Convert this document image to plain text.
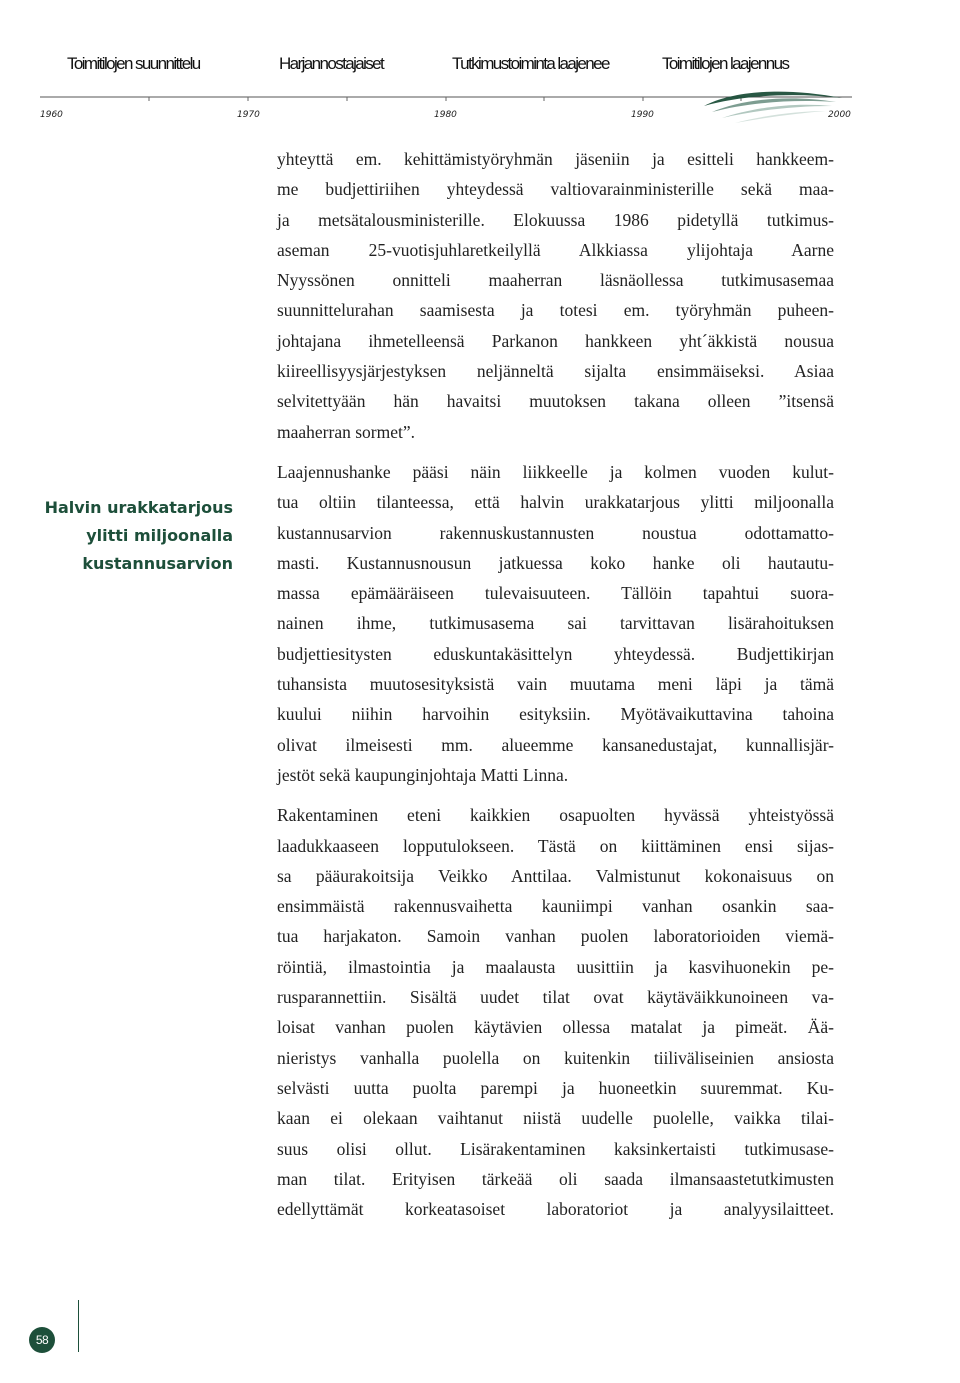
Toimitilojen suunnittelu	Harjannostajaiset	Tutkimustoiminta laajenee	Toimitilojen laajennus
1960	1970	1980	1990	2000
Halvin urakkatarjous
ylitti miljoonalla
kustannusarvion

yhteyttä em. kehittämistyöryhmän jäseniin ja esitteli hankkeem-
me budjettiriihen yhteydessä valtiovarainministerille sekä maa-
ja metsätalousministerille. Elokuussa 1986 pidetyllä tutkimus-
aseman 25-vuotisjuhlaretkeilyllä Alkkiassa ylijohtaja Aarne
Nyyssönen onnitteli maaherran läsnäollessa tutkimusasemaa
suunnittelurahan saamisesta ja totesi em. työryhmän puheen-
johtajana ihmetelleensä Parkanon hankkeen yht´äkkistä nousua
kiireellisyysjärjestyksen neljänneltä sijalta ensimmäiseksi. Asiaa
selvitettyään hän havaitsi muutoksen takana olleen ”itsensä
maaherran sormet”.

Laajennushanke pääsi näin liikkeelle ja kolmen vuoden kulut-
tua oltiin tilanteessa, että halvin urakkatarjous ylitti miljoonalla
kustannusarvion rakennuskustannusten noustua odottamatto-
masti. Kustannusnousun jatkuessa koko hanke oli hautautu-
massa epämääräiseen tulevaisuuteen. Tällöin tapahtui suora-
nainen ihme, tutkimusasema sai tarvittavan lisärahoituksen
budjettiesitysten eduskuntakäsittelyn yhteydessä. Budjettikirjan
tuhansista muutosesityksistä vain muutama meni läpi ja tämä
kuului niihin harvoihin esityksiin. Myötävaikuttavina tahoina
olivat ilmeisesti mm. alueemme kansanedustajat, kunnallisjär-
jestöt sekä kaupunginjohtaja Matti Linna.

Rakentaminen eteni kaikkien osapuolten hyvässä yhteistyössä
laadukkaaseen lopputulokseen. Tästä on kiittäminen ensi sijas-
sa pääurakoitsija Veikko Anttilaa. Valmistunut kokonaisuus on
ensimmäistä rakennusvaihetta kauniimpi vanhan osankin saa-
tua harjakaton. Samoin vanhan puolen laboratorioiden viemä-
röintiä, ilmastointia ja maalausta uusittiin ja kasvihuonekin pe-
rusparannettiin. Sisältä uudet tilat ovat käytäväikkunoineen va-
loisat vanhan puolen käytävien ollessa matalat ja pimeät. Ää-
nieristys vanhalla puolella on kuitenkin tiiliväliseinien ansiosta
selvästi uutta puolta parempi ja huoneetkin suuremmat. Ku-
kaan ei olekaan vaihtanut niistä uudelle puolelle, vaikka tilai-
suus olisi ollut. Lisärakentaminen kaksinkertaisti tutkimusase-
man tilat. Erityisen tärkeää oli saada ilmansaastetutkimusten
edellyttämät korkeatasoiset laboratoriot ja analyysilaitteet.

58
